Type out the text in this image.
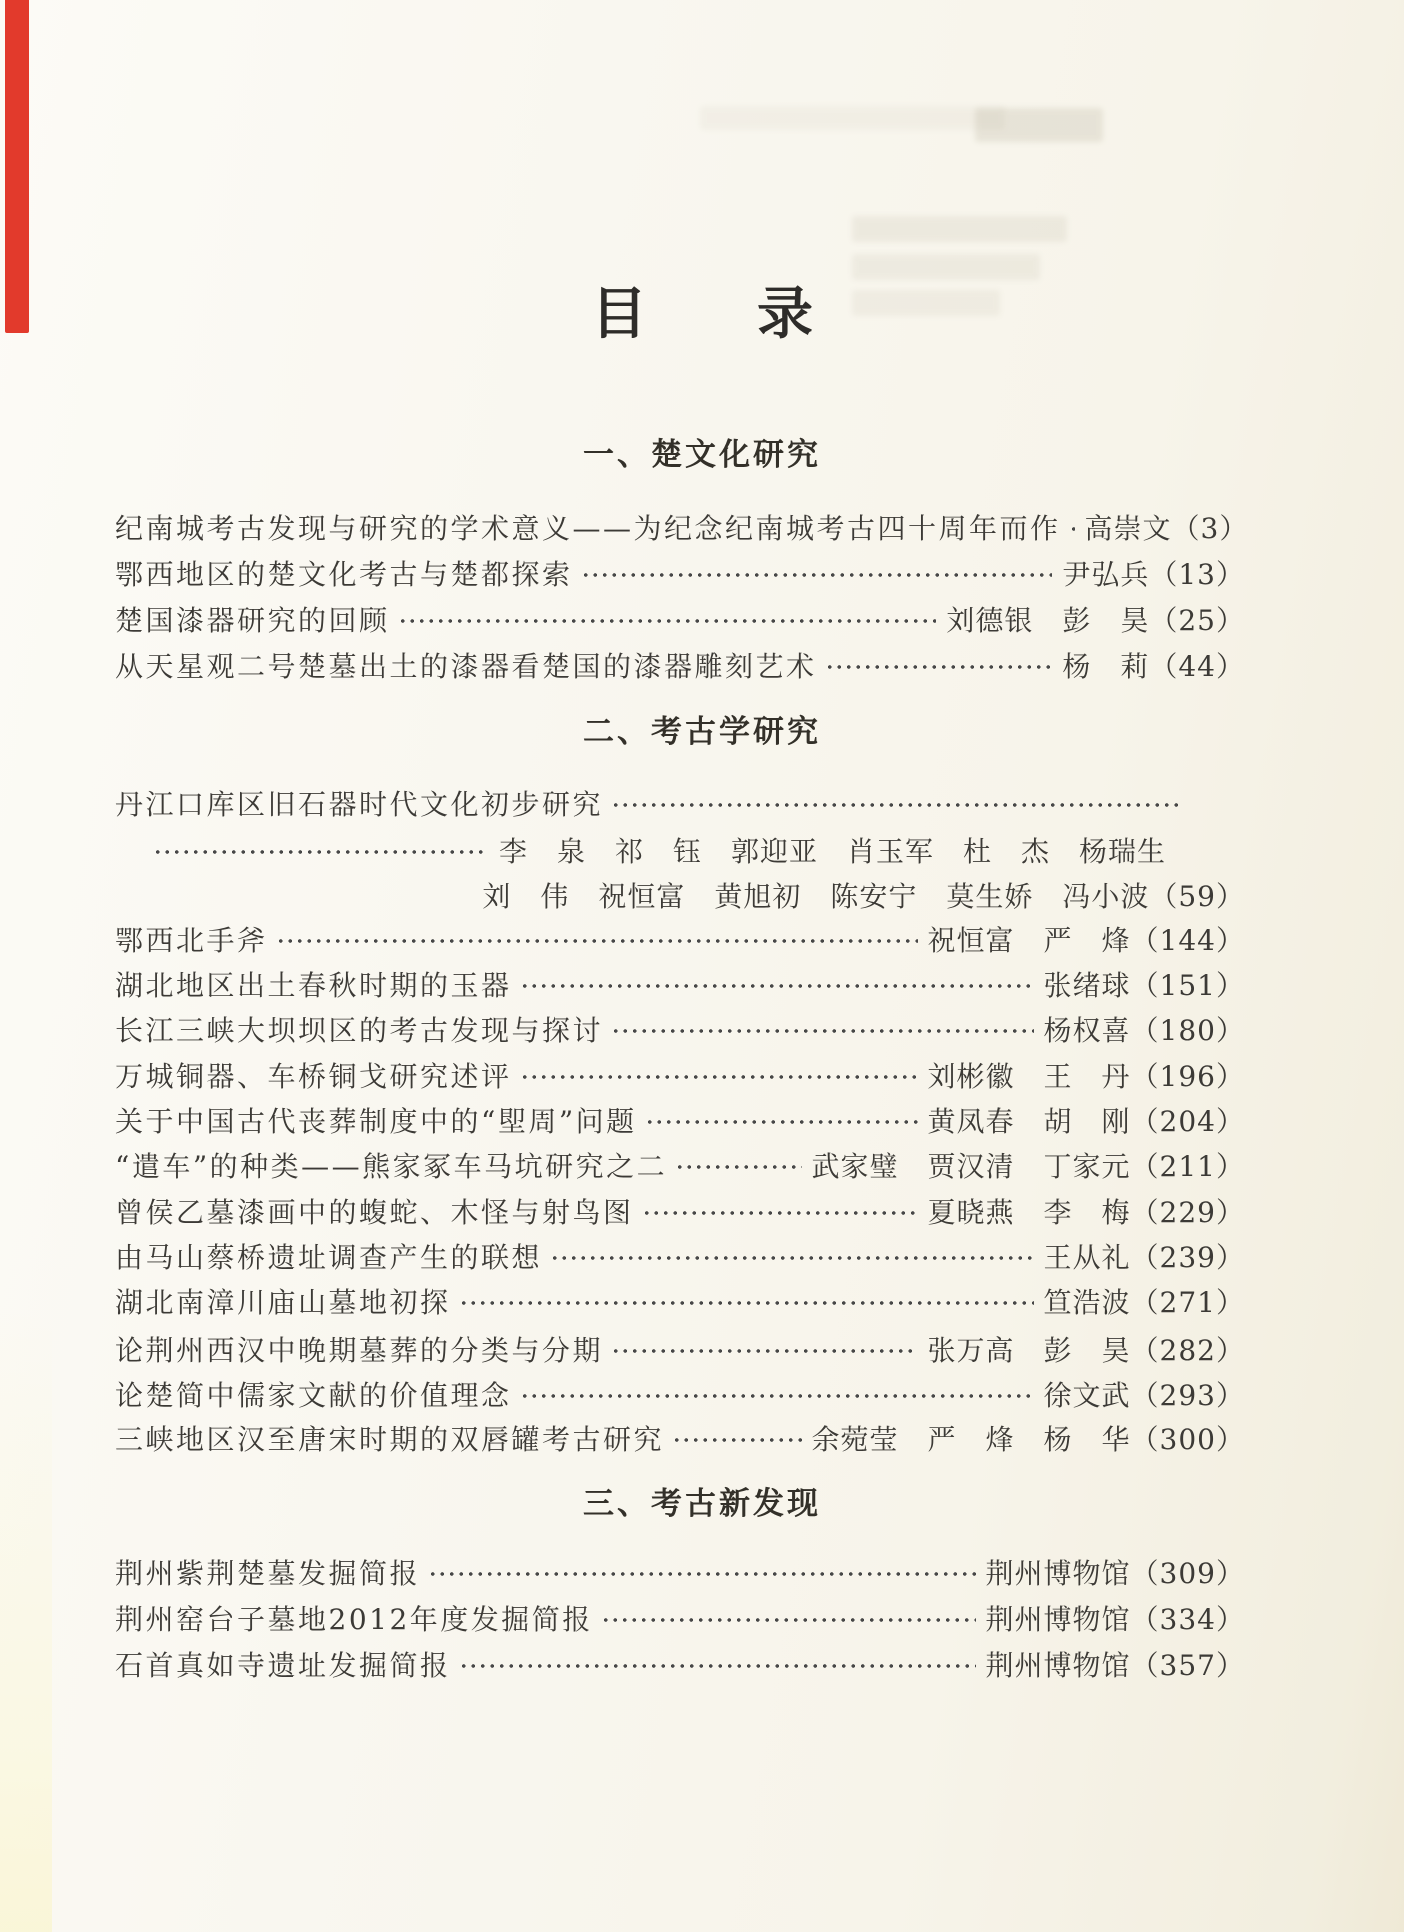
目 录
一、楚文化研究
纪南城考古发现与研究的学术意义——为纪念纪南城考古四十周年而作 高崇文 （3）
鄂西地区的楚文化考古与楚都探索	尹弘兵 （13）
楚国漆器研究的回顾	刘德银　彭　昊 （25）
从天星观二号楚墓出土的漆器看楚国的漆器雕刻艺术	杨　莉 （44）
二、考古学研究
丹江口库区旧石器时代文化初步研究
李　泉　祁　钰　郭迎亚　肖玉军　杜　杰　杨瑞生
刘　伟　祝恒富　黄旭初　陈安宁　莫生娇　冯小波 （59）
鄂西北手斧	祝恒富　严　烽 （144）
湖北地区出土春秋时期的玉器	张绪球 （151）
长江三峡大坝坝区的考古发现与探讨	杨权喜 （180）
万城铜器、车桥铜戈研究述评	刘彬徽　王　丹 （196）
关于中国古代丧葬制度中的“堲周”问题	黄凤春　胡　刚 （204）
“遣车”的种类——熊家冢车马坑研究之二	武家璧　贾汉清　丁家元 （211）
曾侯乙墓漆画中的蝮蛇、木怪与射鸟图	夏晓燕　李　梅 （229）
由马山蔡桥遗址调查产生的联想	王从礼 （239）
湖北南漳川庙山墓地初探	笪浩波 （271）
论荆州西汉中晚期墓葬的分类与分期	张万高　彭　昊 （282）
论楚简中儒家文献的价值理念	徐文武 （293）
三峡地区汉至唐宋时期的双唇罐考古研究	余菀莹　严　烽　杨　华 （300）
三、考古新发现
荆州紫荆楚墓发掘简报	荆州博物馆 （309）
荆州窑台子墓地2012年度发掘简报	荆州博物馆 （334）
石首真如寺遗址发掘简报	荆州博物馆 （357）
